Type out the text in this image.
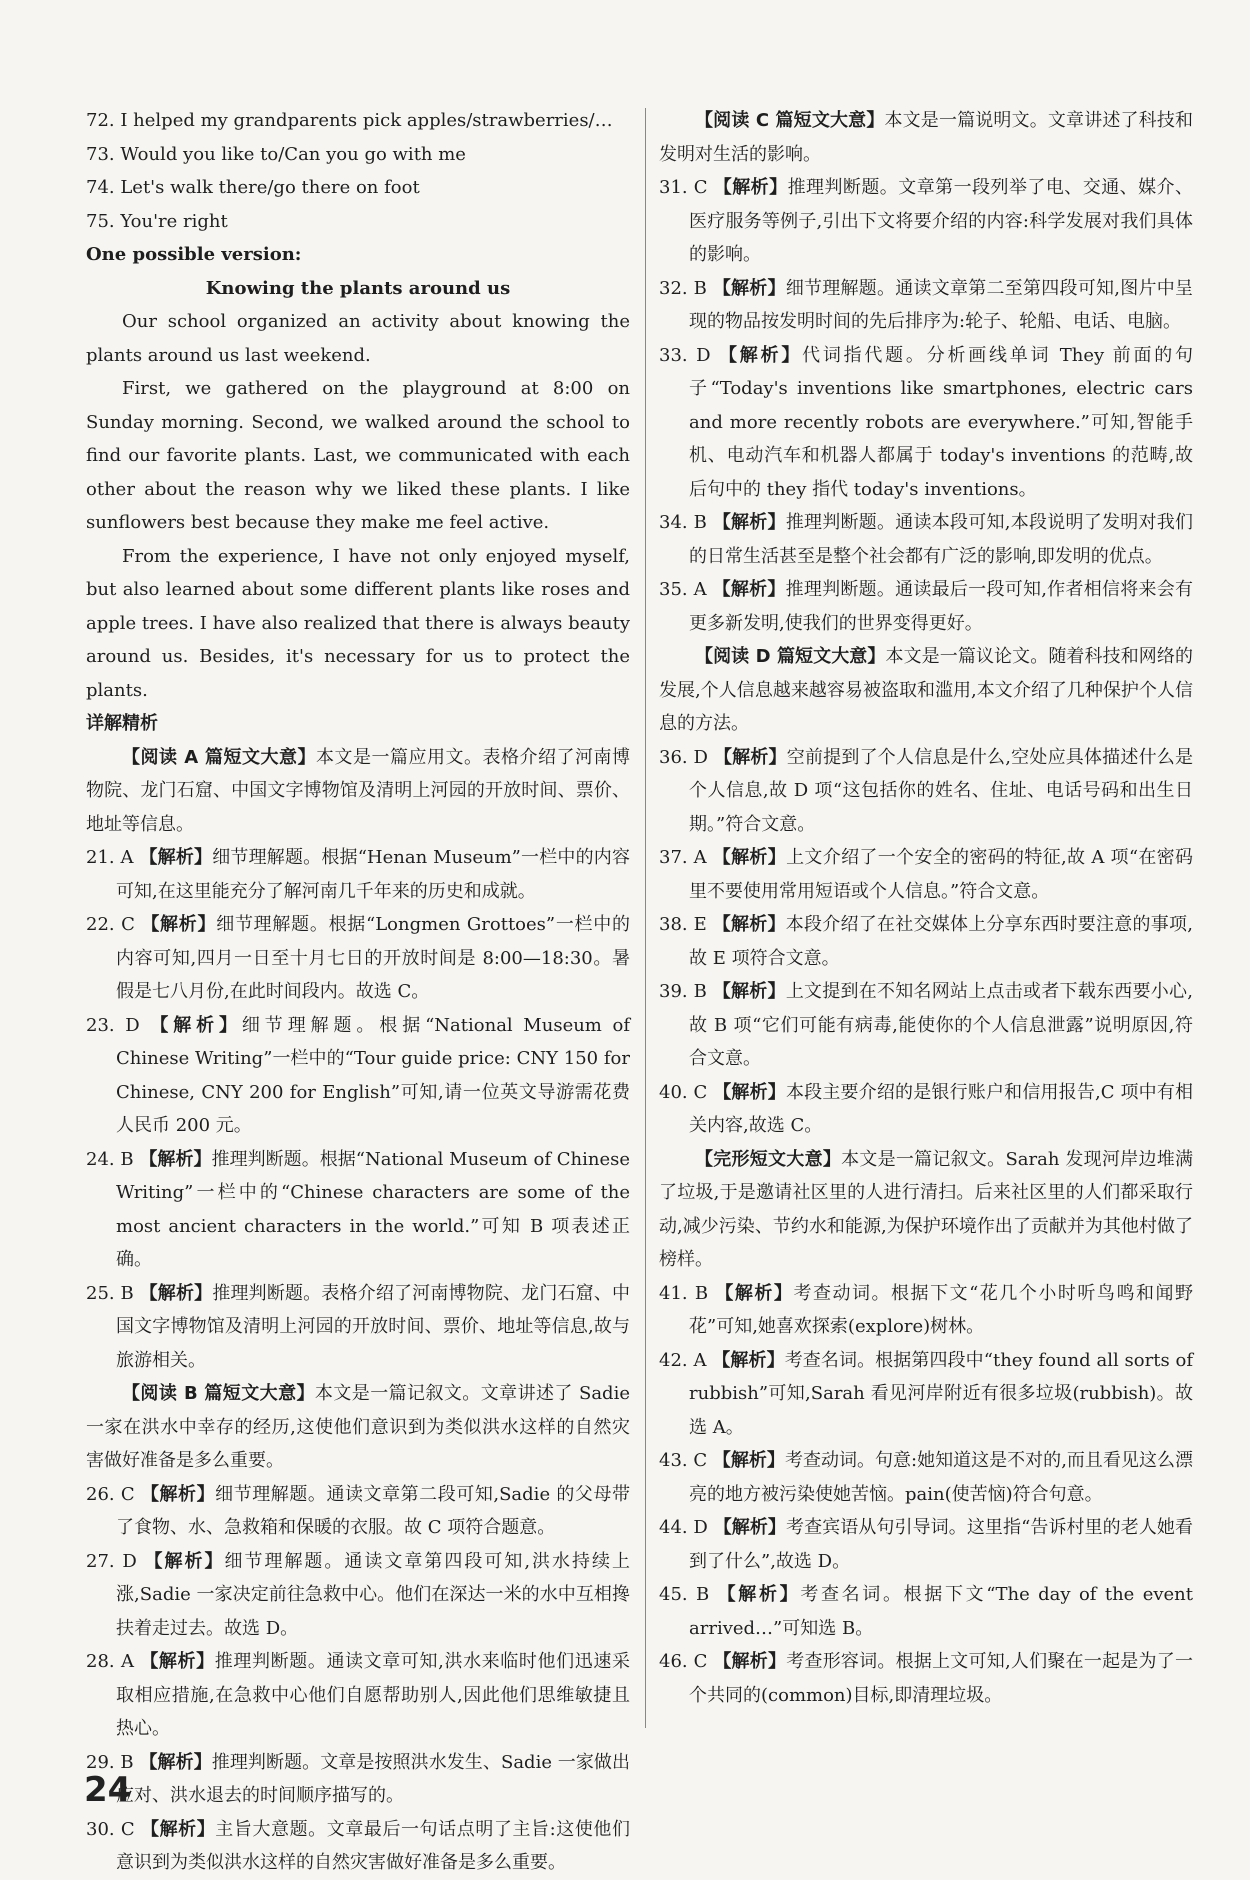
72. I helped my grandparents pick apples/strawberries/…
73. Would you like to/Can you go with me
74. Let's walk there/go there on foot
75. You're right
One possible version:
Knowing the plants around us
Our school organized an activity about knowing the plants around us last weekend.
First, we gathered on the playground at 8:00 on Sunday morning. Second, we walked around the school to find our favorite plants. Last, we communicated with each other about the reason why we liked these plants. I like sunflowers best because they make me feel active.
From the experience, I have not only enjoyed myself, but also learned about some different plants like roses and apple trees. I have also realized that there is always beauty around us. Besides, it's necessary for us to protect the plants.
详解精析
【阅读 A 篇短文大意】本文是一篇应用文。表格介绍了河南博物院、龙门石窟、中国文字博物馆及清明上河园的开放时间、票价、地址等信息。
21. A 【解析】细节理解题。根据“Henan Museum”一栏中的内容可知,在这里能充分了解河南几千年来的历史和成就。
22. C 【解析】细节理解题。根据“Longmen Grottoes”一栏中的内容可知,四月一日至十月七日的开放时间是 8:00—18:30。暑假是七八月份,在此时间段内。故选 C。
23. D 【解析】细节理解题。根据“National Museum of Chinese Writing”一栏中的“Tour guide price: CNY 150 for Chinese, CNY 200 for English”可知,请一位英文导游需花费人民币 200 元。
24. B 【解析】推理判断题。根据“National Museum of Chinese Writing”一栏中的“Chinese characters are some of the most ancient characters in the world.”可知 B 项表述正确。
25. B 【解析】推理判断题。表格介绍了河南博物院、龙门石窟、中国文字博物馆及清明上河园的开放时间、票价、地址等信息,故与旅游相关。
【阅读 B 篇短文大意】本文是一篇记叙文。文章讲述了 Sadie 一家在洪水中幸存的经历,这使他们意识到为类似洪水这样的自然灾害做好准备是多么重要。
26. C 【解析】细节理解题。通读文章第二段可知,Sadie 的父母带了食物、水、急救箱和保暖的衣服。故 C 项符合题意。
27. D 【解析】细节理解题。通读文章第四段可知,洪水持续上涨,Sadie 一家决定前往急救中心。他们在深达一米的水中互相搀扶着走过去。故选 D。
28. A 【解析】推理判断题。通读文章可知,洪水来临时他们迅速采取相应措施,在急救中心他们自愿帮助别人,因此他们思维敏捷且热心。
29. B 【解析】推理判断题。文章是按照洪水发生、Sadie 一家做出应对、洪水退去的时间顺序描写的。
30. C 【解析】主旨大意题。文章最后一句话点明了主旨:这使他们意识到为类似洪水这样的自然灾害做好准备是多么重要。
【阅读 C 篇短文大意】本文是一篇说明文。文章讲述了科技和发明对生活的影响。
31. C 【解析】推理判断题。文章第一段列举了电、交通、媒介、医疗服务等例子,引出下文将要介绍的内容:科学发展对我们具体的影响。
32. B 【解析】细节理解题。通读文章第二至第四段可知,图片中呈现的物品按发明时间的先后排序为:轮子、轮船、电话、电脑。
33. D 【解析】代词指代题。分析画线单词 They 前面的句子“Today's inventions like smartphones, electric cars and more recently robots are everywhere.”可知,智能手机、电动汽车和机器人都属于 today's inventions 的范畴,故后句中的 they 指代 today's inventions。
34. B 【解析】推理判断题。通读本段可知,本段说明了发明对我们的日常生活甚至是整个社会都有广泛的影响,即发明的优点。
35. A 【解析】推理判断题。通读最后一段可知,作者相信将来会有更多新发明,使我们的世界变得更好。
【阅读 D 篇短文大意】本文是一篇议论文。随着科技和网络的发展,个人信息越来越容易被盗取和滥用,本文介绍了几种保护个人信息的方法。
36. D 【解析】空前提到了个人信息是什么,空处应具体描述什么是个人信息,故 D 项“这包括你的姓名、住址、电话号码和出生日期。”符合文意。
37. A 【解析】上文介绍了一个安全的密码的特征,故 A 项“在密码里不要使用常用短语或个人信息。”符合文意。
38. E 【解析】本段介绍了在社交媒体上分享东西时要注意的事项,故 E 项符合文意。
39. B 【解析】上文提到在不知名网站上点击或者下载东西要小心,故 B 项“它们可能有病毒,能使你的个人信息泄露”说明原因,符合文意。
40. C 【解析】本段主要介绍的是银行账户和信用报告,C 项中有相关内容,故选 C。
【完形短文大意】本文是一篇记叙文。Sarah 发现河岸边堆满了垃圾,于是邀请社区里的人进行清扫。后来社区里的人们都采取行动,减少污染、节约水和能源,为保护环境作出了贡献并为其他村做了榜样。
41. B 【解析】考查动词。根据下文“花几个小时听鸟鸣和闻野花”可知,她喜欢探索(explore)树林。
42. A 【解析】考查名词。根据第四段中“they found all sorts of rubbish”可知,Sarah 看见河岸附近有很多垃圾(rubbish)。故选 A。
43. C 【解析】考查动词。句意:她知道这是不对的,而且看见这么漂亮的地方被污染使她苦恼。pain(使苦恼)符合句意。
44. D 【解析】考查宾语从句引导词。这里指“告诉村里的老人她看到了什么”,故选 D。
45. B 【解析】考查名词。根据下文“The day of the event arrived…”可知选 B。
46. C 【解析】考查形容词。根据上文可知,人们聚在一起是为了一个共同的(common)目标,即清理垃圾。
24
